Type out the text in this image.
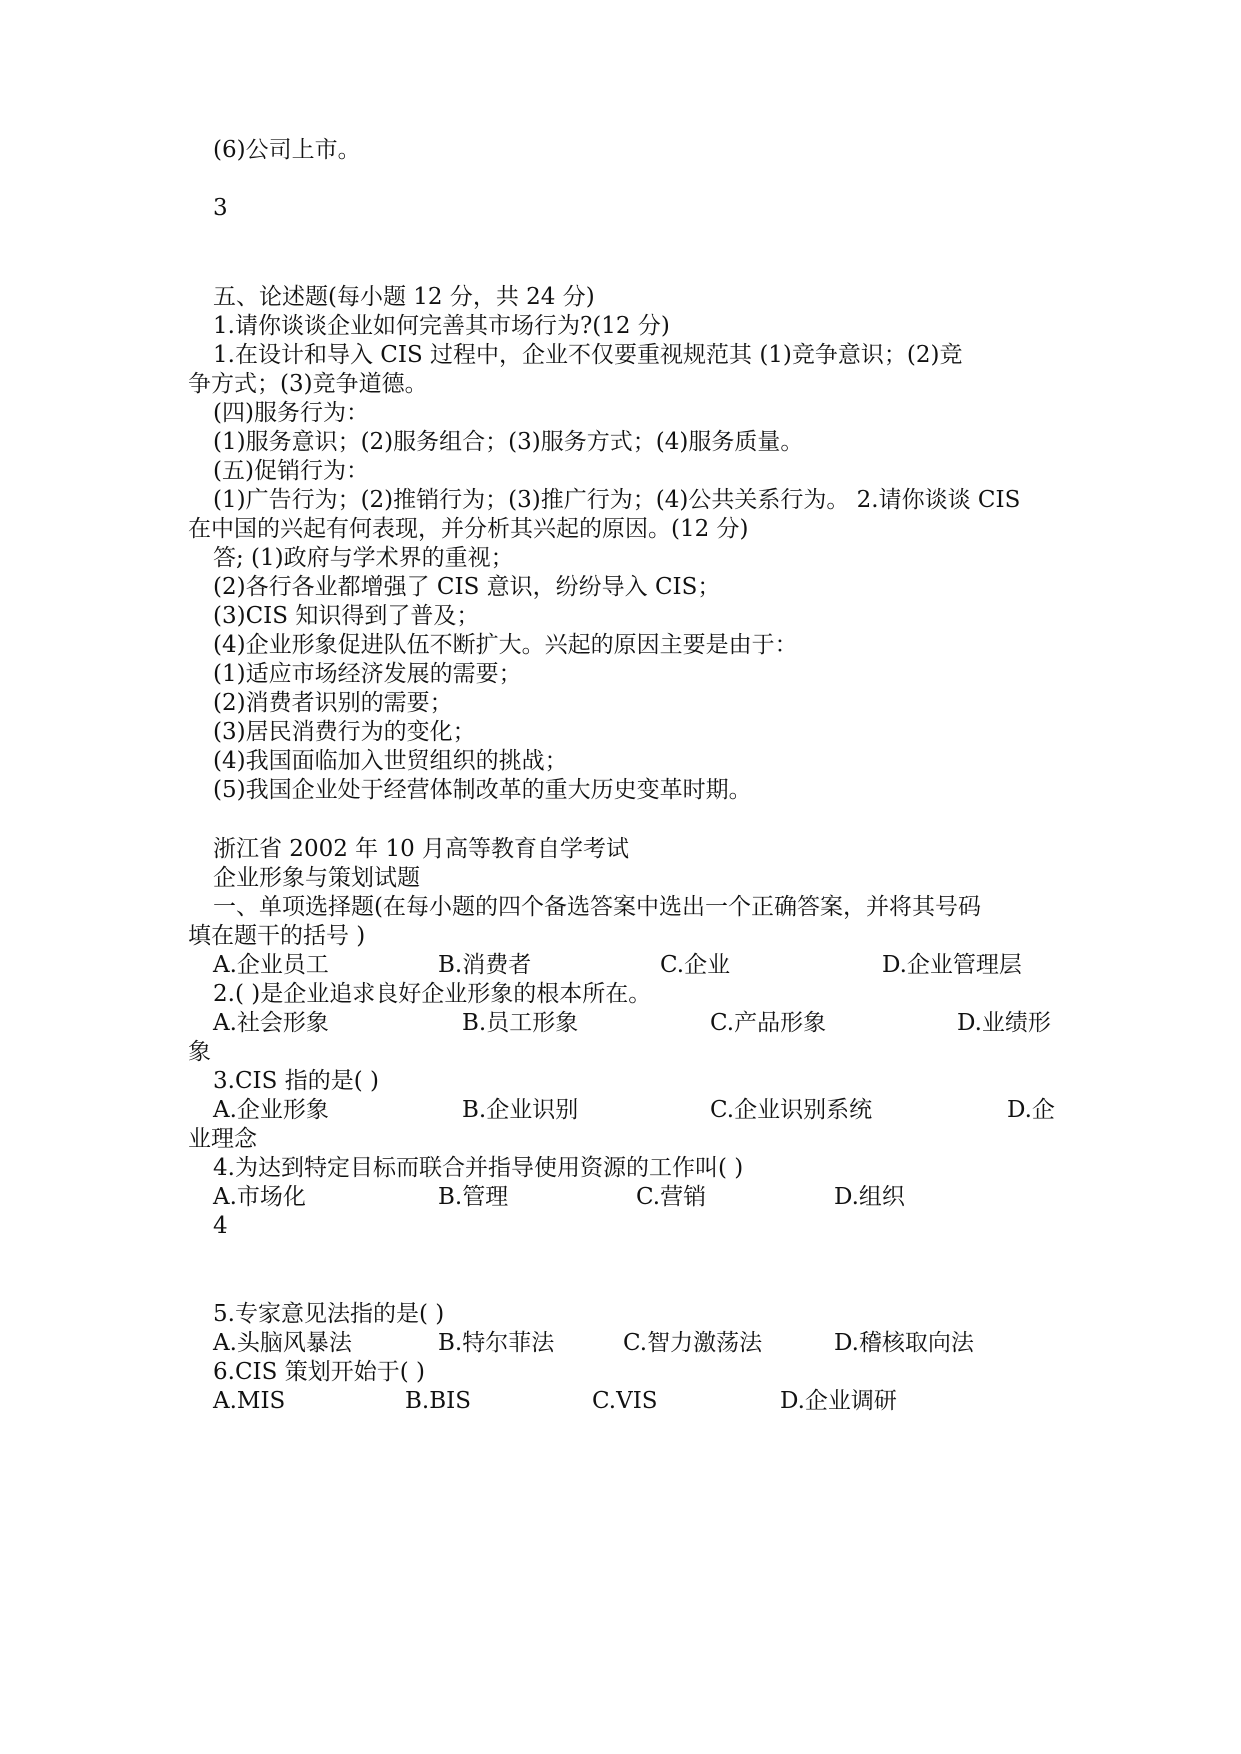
(6)公司上市。
3
五、论述题(每小题 12 分，共 24 分)
1.请你谈谈企业如何完善其市场行为?(12 分)
1.在设计和导入 CIS 过程中，企业不仅要重视规范其 (1)竞争意识；(2)竞
争方式；(3)竞争道德。
(四)服务行为：
(1)服务意识；(2)服务组合；(3)服务方式；(4)服务质量。
(五)促销行为：
(1)广告行为；(2)推销行为；(3)推广行为；(4)公共关系行为。 2.请你谈谈 CIS
在中国的兴起有何表现，并分析其兴起的原因。(12 分)
答; (1)政府与学术界的重视；
(2)各行各业都增强了 CIS 意识，纷纷导入 CIS；
(3)CIS 知识得到了普及；
(4)企业形象促进队伍不断扩大。兴起的原因主要是由于：
(1)适应市场经济发展的需要；
(2)消费者识别的需要；
(3)居民消费行为的变化；
(4)我国面临加入世贸组织的挑战；
(5)我国企业处于经营体制改革的重大历史变革时期。
浙江省 2002 年 10 月高等教育自学考试
企业形象与策划试题
一、单项选择题(在每小题的四个备选答案中选出一个正确答案，并将其号码
填在题干的括号 )
A.企业员工	B.消费者	C.企业	D.企业管理层
2.( )是企业追求良好企业形象的根本所在。
A.社会形象	B.员工形象	C.产品形象	D.业绩形
象
3.CIS 指的是( )
A.企业形象	B.企业识别	C.企业识别系统	D.企
业理念
4.为达到特定目标而联合并指导使用资源的工作叫( )
A.市场化	B.管理	C.营销	D.组织
4
5.专家意见法指的是( )
A.头脑风暴法	B.特尔菲法	C.智力激荡法	D.稽核取向法
6.CIS 策划开始于( )
A.MIS	B.BIS	C.VIS	D.企业调研
